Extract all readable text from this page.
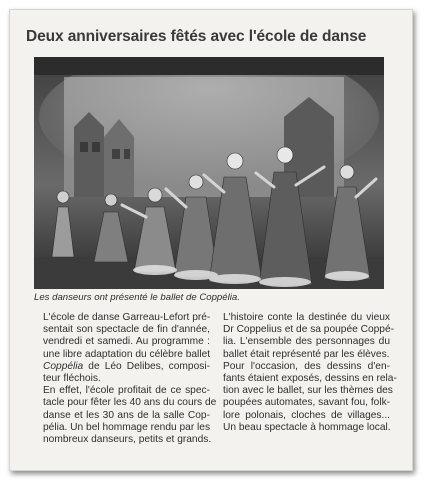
Deux anniversaires fêtés avec l'école de danse

Les danseurs ont présenté le ballet de Coppélia.

L'école de danse Garreau-Lefort pré-
sentait son spectacle de fin d'année,
vendredi et samedi. Au programme :
une libre adaptation du célèbre ballet
Coppélia de Léo Delibes, composi-
teur fléchois.

En effet, l'école profitait de ce spec-
tacle pour fêter les 40 ans du cours de
danse et les 30 ans de la salle Cop-
pélia. Un bel hommage rendu par les
nombreux danseurs, petits et grands.

L'histoire conte la destinée du vieux
Dr Coppelius et de sa poupée Coppé-
lia. L'ensemble des personnages du
ballet était représenté par les élèves.

Pour l'occasion, des dessins d'en-
fants étaient exposés, dessins en rela-
tion avec le ballet, sur les thèmes des
poupées automates, savant fou, folk-
lore polonais, cloches de villages...
Un beau spectacle à hommage local.
